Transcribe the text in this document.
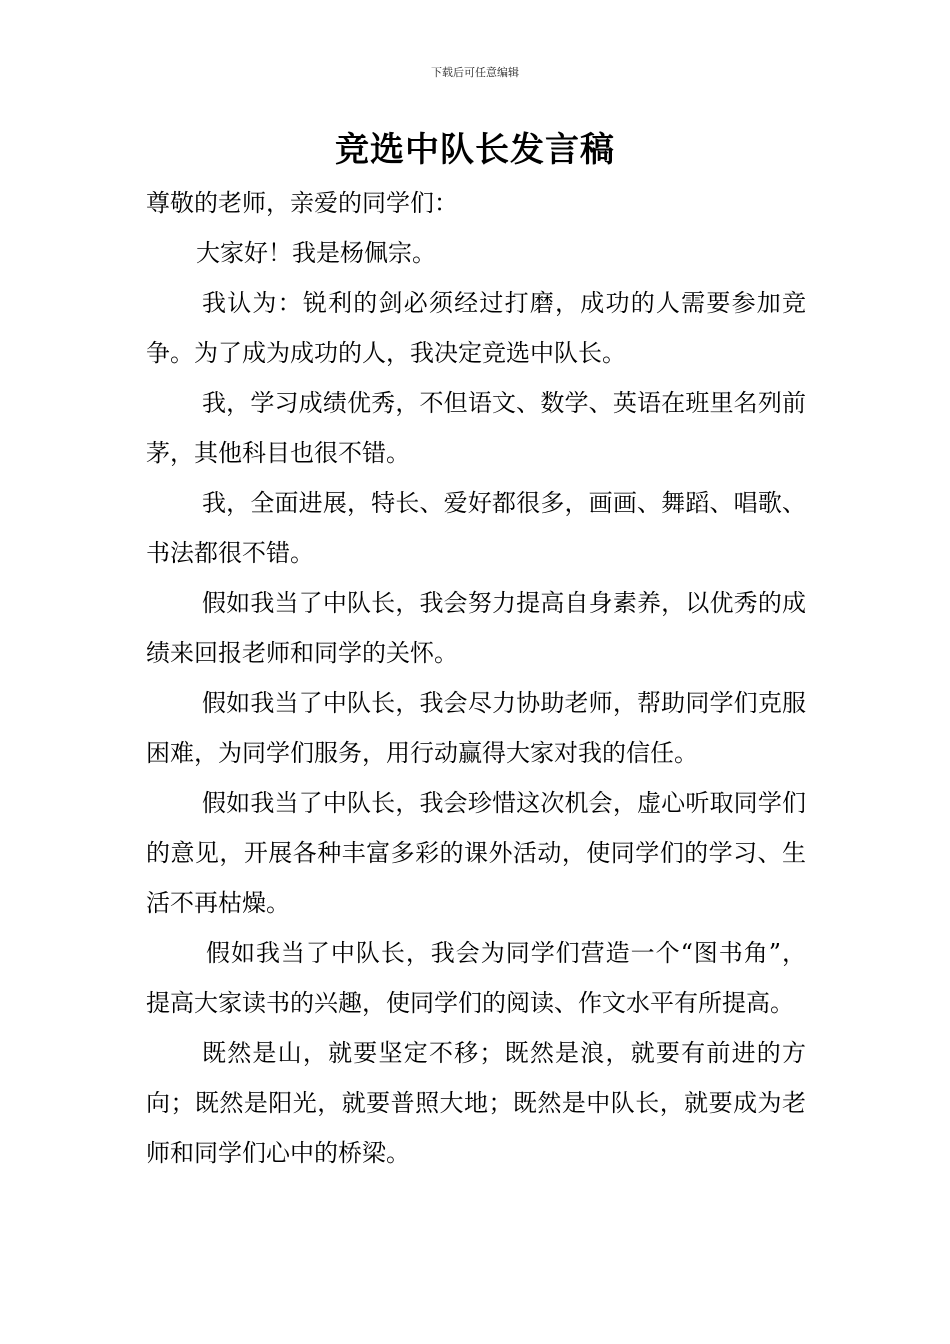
下载后可任意编辑
竞选中队长发言稿

尊敬的老师，亲爱的同学们：

大家好！我是杨佩宗。

我认为：锐利的剑必须经过打磨，成功的人需要参加竞争。为了成为成功的人，我决定竞选中队长。

我，学习成绩优秀，不但语文、数学、英语在班里名列前茅，其他科目也很不错。

我，全面进展，特长、爱好都很多，画画、舞蹈、唱歌、书法都很不错。

假如我当了中队长，我会努力提高自身素养，以优秀的成绩来回报老师和同学的关怀。

假如我当了中队长，我会尽力协助老师，帮助同学们克服困难，为同学们服务，用行动赢得大家对我的信任。

假如我当了中队长，我会珍惜这次机会，虚心听取同学们的意见，开展各种丰富多彩的课外活动，使同学们的学习、生活不再枯燥。

假如我当了中队长，我会为同学们营造一个“图书角”，提高大家读书的兴趣，使同学们的阅读、作文水平有所提高。

既然是山，就要坚定不移；既然是浪，就要有前进的方向；既然是阳光，就要普照大地；既然是中队长，就要成为老师和同学们心中的桥梁。
